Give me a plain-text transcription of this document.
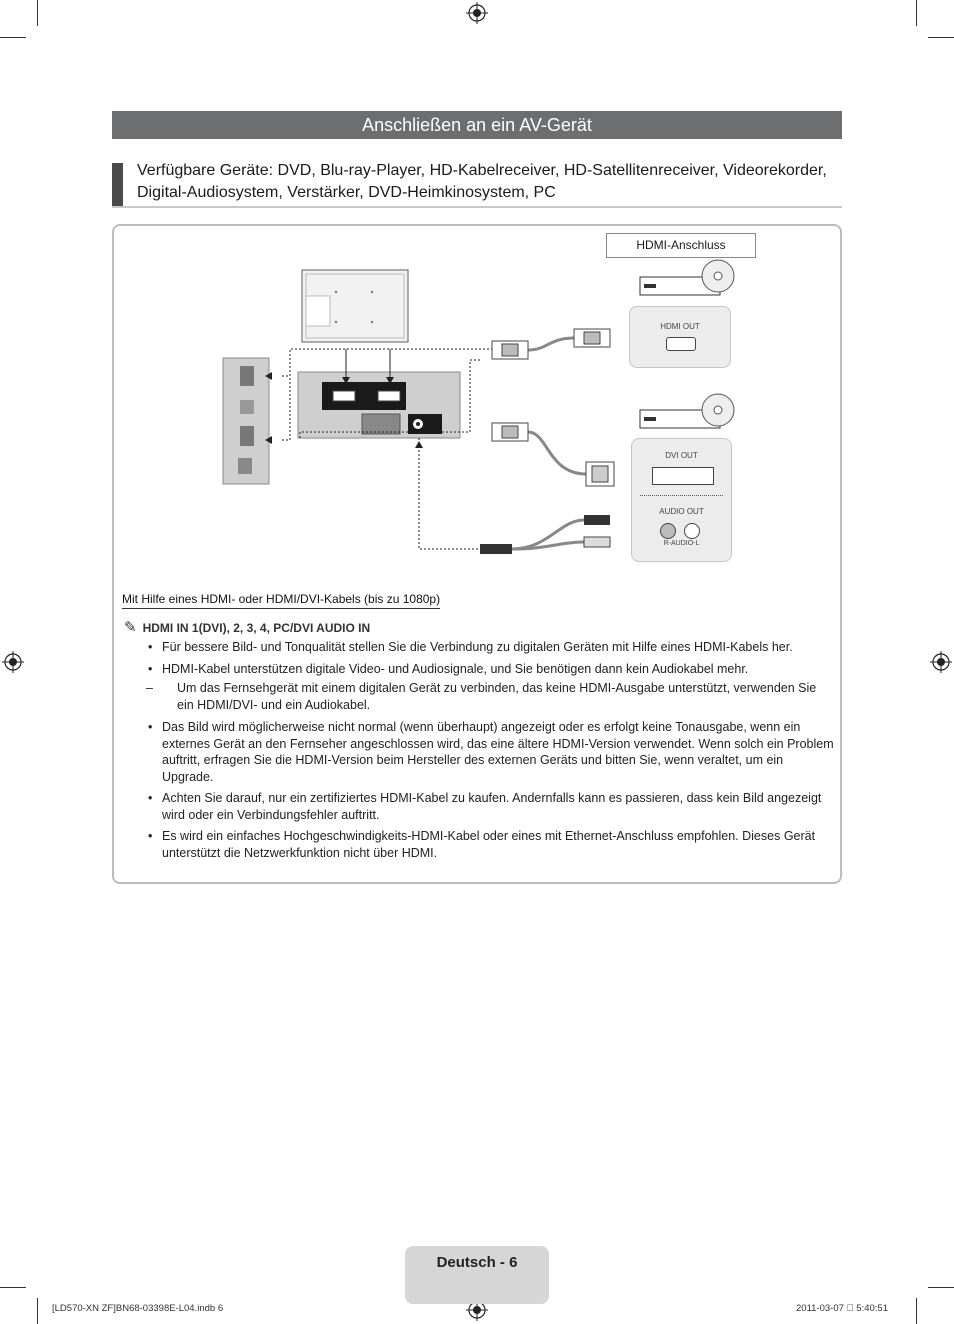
Anschließen an ein AV-Gerät
Verfügbare Geräte: DVD, Blu-ray-Player, HD-Kabelreceiver, HD-Satellitenreceiver, Videorekorder, Digital-Audiosystem, Verstärker, DVD-Heimkinosystem, PC
HDMI-Anschluss
HDMI OUT
DVI OUT
AUDIO OUT
R-AUDIO-L
Mit Hilfe eines HDMI- oder HDMI/DVI-Kabels (bis zu 1080p)
✎ HDMI IN 1(DVI), 2, 3, 4, PC/DVI AUDIO IN
• Für bessere Bild- und Tonqualität stellen Sie die Verbindung zu digitalen Geräten mit Hilfe eines HDMI-Kabels her.
• HDMI-Kabel unterstützen digitale Video- und Audiosignale, und Sie benötigen dann kein Audiokabel mehr.
– Um das Fernsehgerät mit einem digitalen Gerät zu verbinden, das keine HDMI-Ausgabe unterstützt, verwenden Sie ein HDMI/DVI- und ein Audiokabel.
• Das Bild wird möglicherweise nicht normal (wenn überhaupt) angezeigt oder es erfolgt keine Tonausgabe, wenn ein externes Gerät an den Fernseher angeschlossen wird, das eine ältere HDMI-Version verwendet. Wenn solch ein Problem auftritt, erfragen Sie die HDMI-Version beim Hersteller des externen Geräts und bitten Sie, wenn veraltet, um ein Upgrade.
• Achten Sie darauf, nur ein zertifiziertes HDMI-Kabel zu kaufen. Andernfalls kann es passieren, dass kein Bild angezeigt wird oder ein Verbindungsfehler auftritt.
• Es wird ein einfaches Hochgeschwindigkeits-HDMI-Kabel oder eines mit Ethernet-Anschluss empfohlen. Dieses Gerät unterstützt die Netzwerkfunktion nicht über HDMI.
Deutsch - 6
[LD570-XN ZF]BN68-03398E-L04.indb 6	2011-03-07   5:40:51
